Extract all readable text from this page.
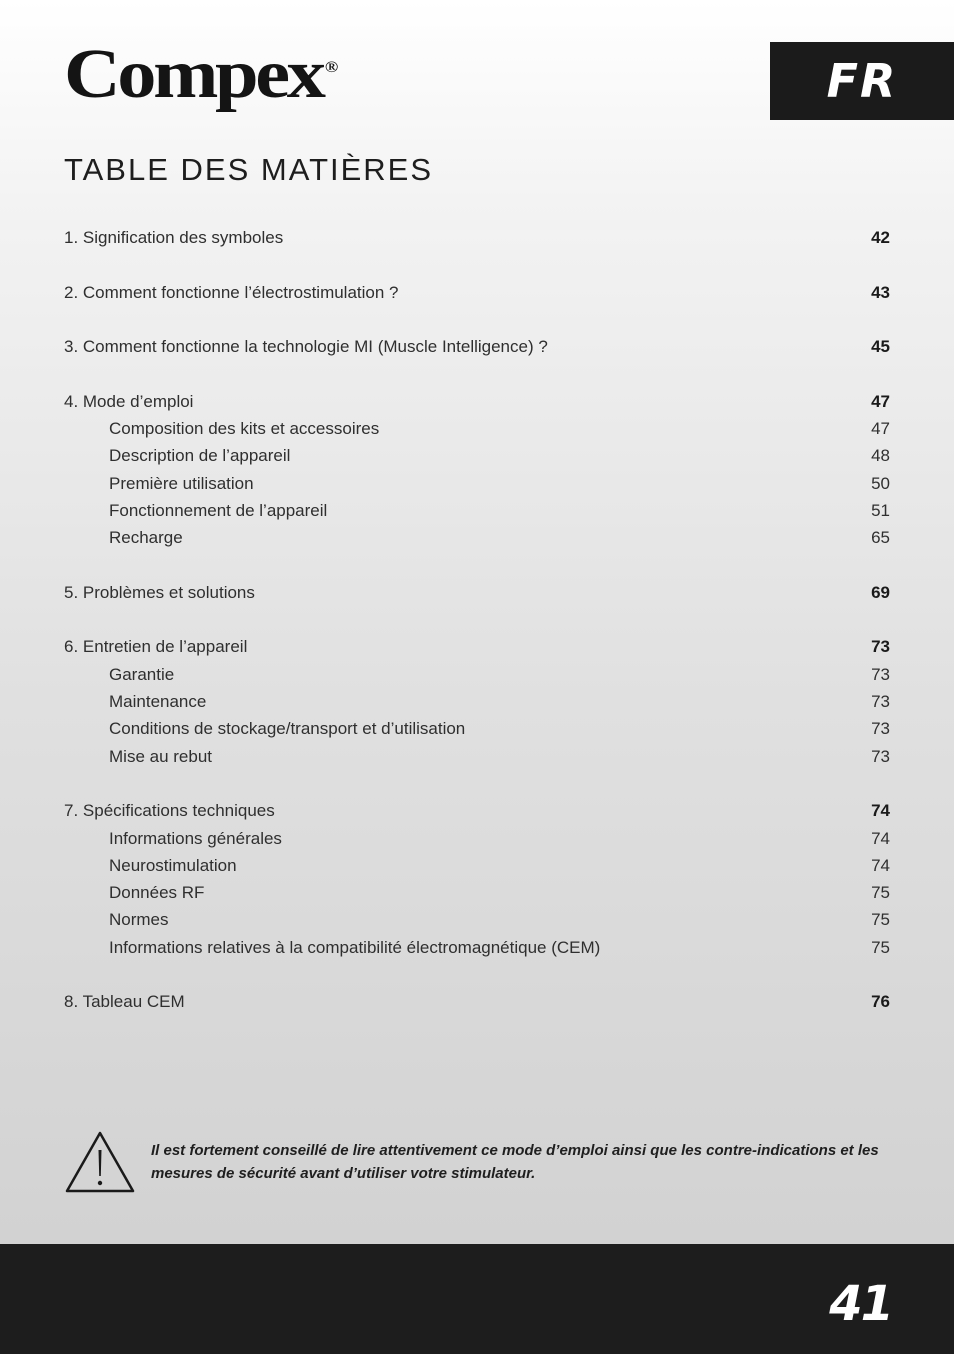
Compex ®	FR
TABLE DES MATIÈRES
1. Signification des symboles	42
2. Comment fonctionne l’électrostimulation ?	43
3. Comment fonctionne la technologie MI (Muscle Intelligence) ?	45
4. Mode d’emploi	47
Composition des kits et accessoires	47
Description de l’appareil	48
Première utilisation	50
Fonctionnement de l’appareil	51
Recharge	65
5. Problèmes et solutions	69
6. Entretien de l’appareil	73
Garantie	73
Maintenance	73
Conditions de stockage/transport et d’utilisation	73
Mise au rebut	73
7. Spécifications techniques	74
Informations générales	74
Neurostimulation	74
Données RF	75
Normes	75
Informations relatives à la compatibilité électromagnétique (CEM)	75
8. Tableau CEM	76
Il est fortement conseillé de lire attentivement ce mode d’emploi ainsi que les contre-indications et les mesures de sécurité avant d’utiliser votre stimulateur.
41
